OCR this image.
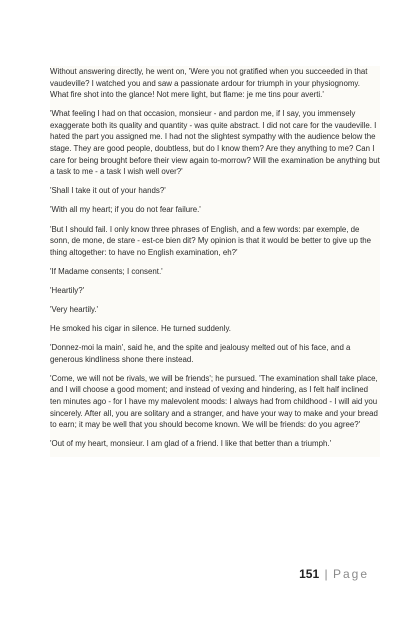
Without answering directly, he went on, 'Were you not gratified when you succeeded in that vaudeville? I watched you and saw a passionate ardour for triumph in your physiognomy. What fire shot into the glance! Not mere light, but flame: je me tins pour averti.'

'What feeling I had on that occasion, monsieur - and pardon me, if I say, you immensely exaggerate both its quality and quantity - was quite abstract. I did not care for the vaudeville. I hated the part you assigned me. I had not the slightest sympathy with the audience below the stage. They are good people, doubtless, but do I know them? Are they anything to me? Can I care for being brought before their view again to-morrow? Will the examination be anything but a task to me - a task I wish well over?'

'Shall I take it out of your hands?'

'With all my heart; if you do not fear failure.'

'But I should fail. I only know three phrases of English, and a few words: par exemple, de sonn, de mone, de stare - est-ce bien dit? My opinion is that it would be better to give up the thing altogether: to have no English examination, eh?'

'If Madame consents; I consent.'

'Heartily?'

'Very heartily.'

He smoked his cigar in silence. He turned suddenly.

'Donnez-moi la main', said he, and the spite and jealousy melted out of his face, and a generous kindliness shone there instead.

'Come, we will not be rivals, we will be friends'; he pursued. 'The examination shall take place, and I will choose a good moment; and instead of vexing and hindering, as I felt half inclined ten minutes ago - for I have my malevolent moods: I always had from childhood - I will aid you sincerely. After all, you are solitary and a stranger, and have your way to make and your bread to earn; it may be well that you should become known. We will be friends: do you agree?'

'Out of my heart, monsieur. I am glad of a friend. I like that better than a triumph.'

151 | Page
